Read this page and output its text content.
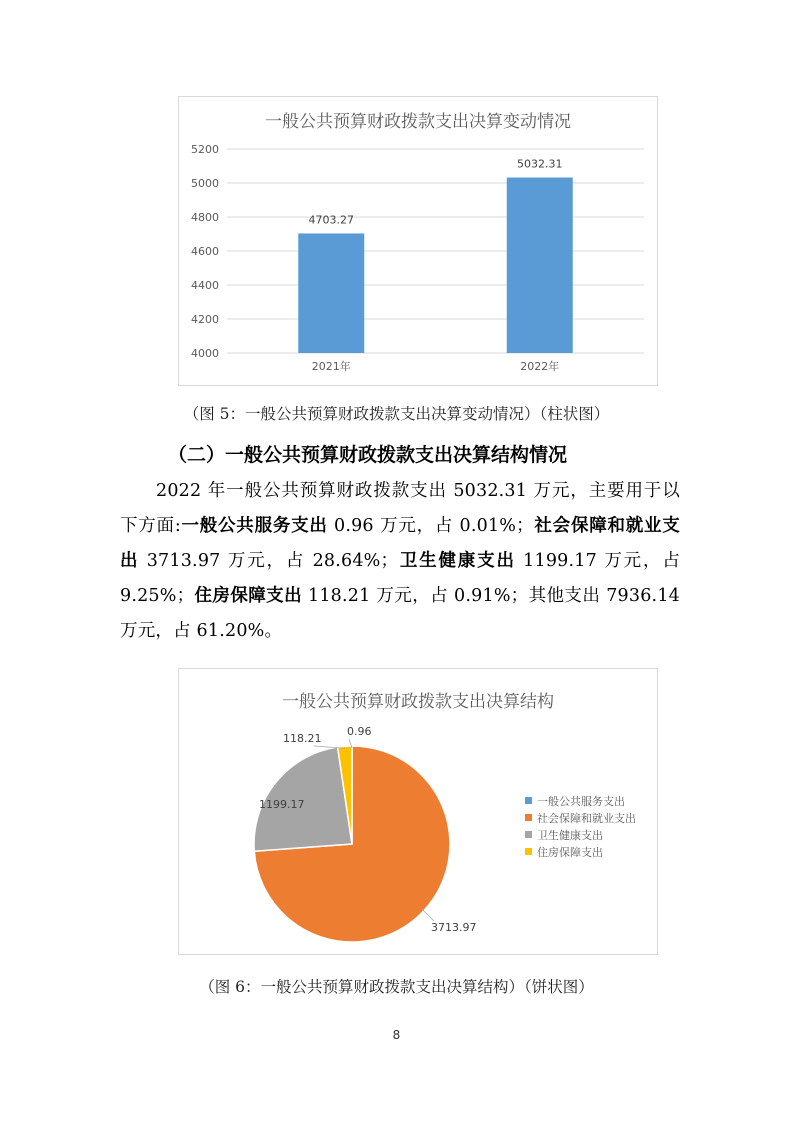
一般公共预算财政拨款支出决算变动情况
4000
4200
4400
4600
4800
5000
5200
4703.27
2021年
5032.31
2022年
（图 5：一般公共预算财政拨款支出决算变动情况）（柱状图）
（二）一般公共预算财政拨款支出决算结构情况
2022 年一般公共预算财政拨款支出 5032.31 万元，主要用于以下方面:一般公共服务支出 0.96 万元，占 0.01%；社会保障和就业支出 3713.97 万元，占 28.64%；卫生健康支出 1199.17 万元，占 9.25%；住房保障支出 118.21 万元，占 0.91%；其他支出 7936.14 万元，占 61.20%。
一般公共预算财政拨款支出决算结构
0.96
3713.97
1199.17
118.21
一般公共服务支出
社会保障和就业支出
卫生健康支出
住房保障支出
（图 6：一般公共预算财政拨款支出决算结构）（饼状图）
8
